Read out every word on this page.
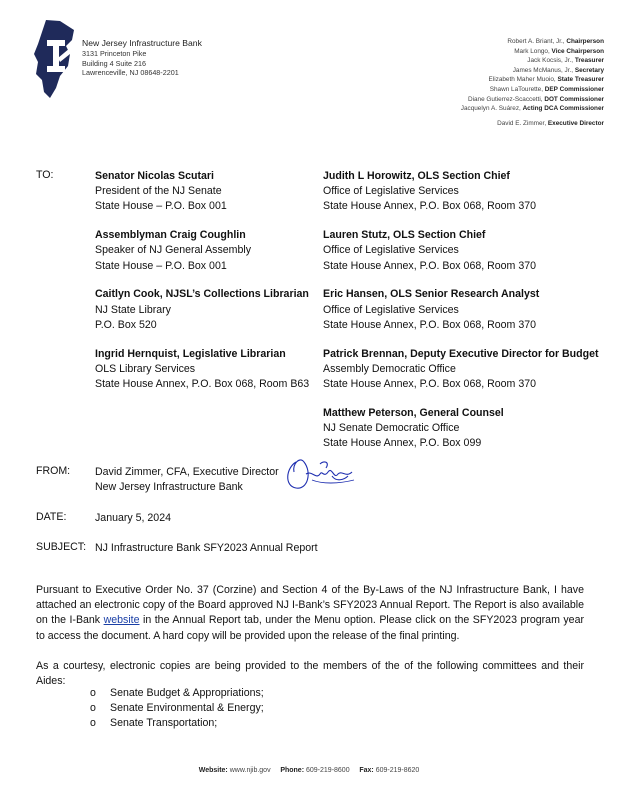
New Jersey Infrastructure Bank
3131 Princeton Pike
Building 4 Suite 216
Lawrenceville, NJ 08648-2201
Robert A. Briant, Jr., Chairperson
Mark Longo, Vice Chairperson
Jack Kocsis, Jr., Treasurer
James McManus, Jr., Secretary
Elizabeth Maher Muoio, State Treasurer
Shawn LaTourette, DEP Commissioner
Diane Gutierrez-Scaccetti, DOT Commissioner
Jacquelyn A. Suárez, Acting DCA Commissioner
David E. Zimmer, Executive Director
TO:	Senator Nicolas Scutari
President of the NJ Senate
State House – P.O. Box 001
Assemblyman Craig Coughlin
Speaker of NJ General Assembly
State House – P.O. Box 001
Caitlyn Cook, NJSL’s Collections Librarian
NJ State Library
P.O. Box 520
Ingrid Hernquist, Legislative Librarian
OLS Library Services
State House Annex, P.O. Box 068, Room B63
Judith L Horowitz, OLS Section Chief
Office of Legislative Services
State House Annex, P.O. Box 068, Room 370
Lauren Stutz, OLS Section Chief
Office of Legislative Services
State House Annex, P.O. Box 068, Room 370
Eric Hansen, OLS Senior Research Analyst
Office of Legislative Services
State House Annex, P.O. Box 068, Room 370
Patrick Brennan, Deputy Executive Director for Budget
Assembly Democratic Office
State House Annex, P.O. Box 068, Room 370
Matthew Peterson, General Counsel
NJ Senate Democratic Office
State House Annex, P.O. Box 099
FROM: David Zimmer, CFA, Executive Director
New Jersey Infrastructure Bank
DATE:	January 5, 2024
SUBJECT: NJ Infrastructure Bank SFY2023 Annual Report
Pursuant to Executive Order No. 37 (Corzine) and Section 4 of the By-Laws of the NJ Infrastructure Bank, I have attached an electronic copy of the Board approved NJ I-Bank’s SFY2023 Annual Report. The Report is also available on the I-Bank website in the Annual Report tab, under the Menu option. Please click on the SFY2023 program year to access the document. A hard copy will be provided upon the release of the final printing.
As a courtesy, electronic copies are being provided to the members of the of the following committees and their Aides:
o Senate Budget & Appropriations;
o Senate Environmental & Energy;
o Senate Transportation;
Website: www.njib.gov Phone: 609-219-8600 Fax: 609-219-8620
